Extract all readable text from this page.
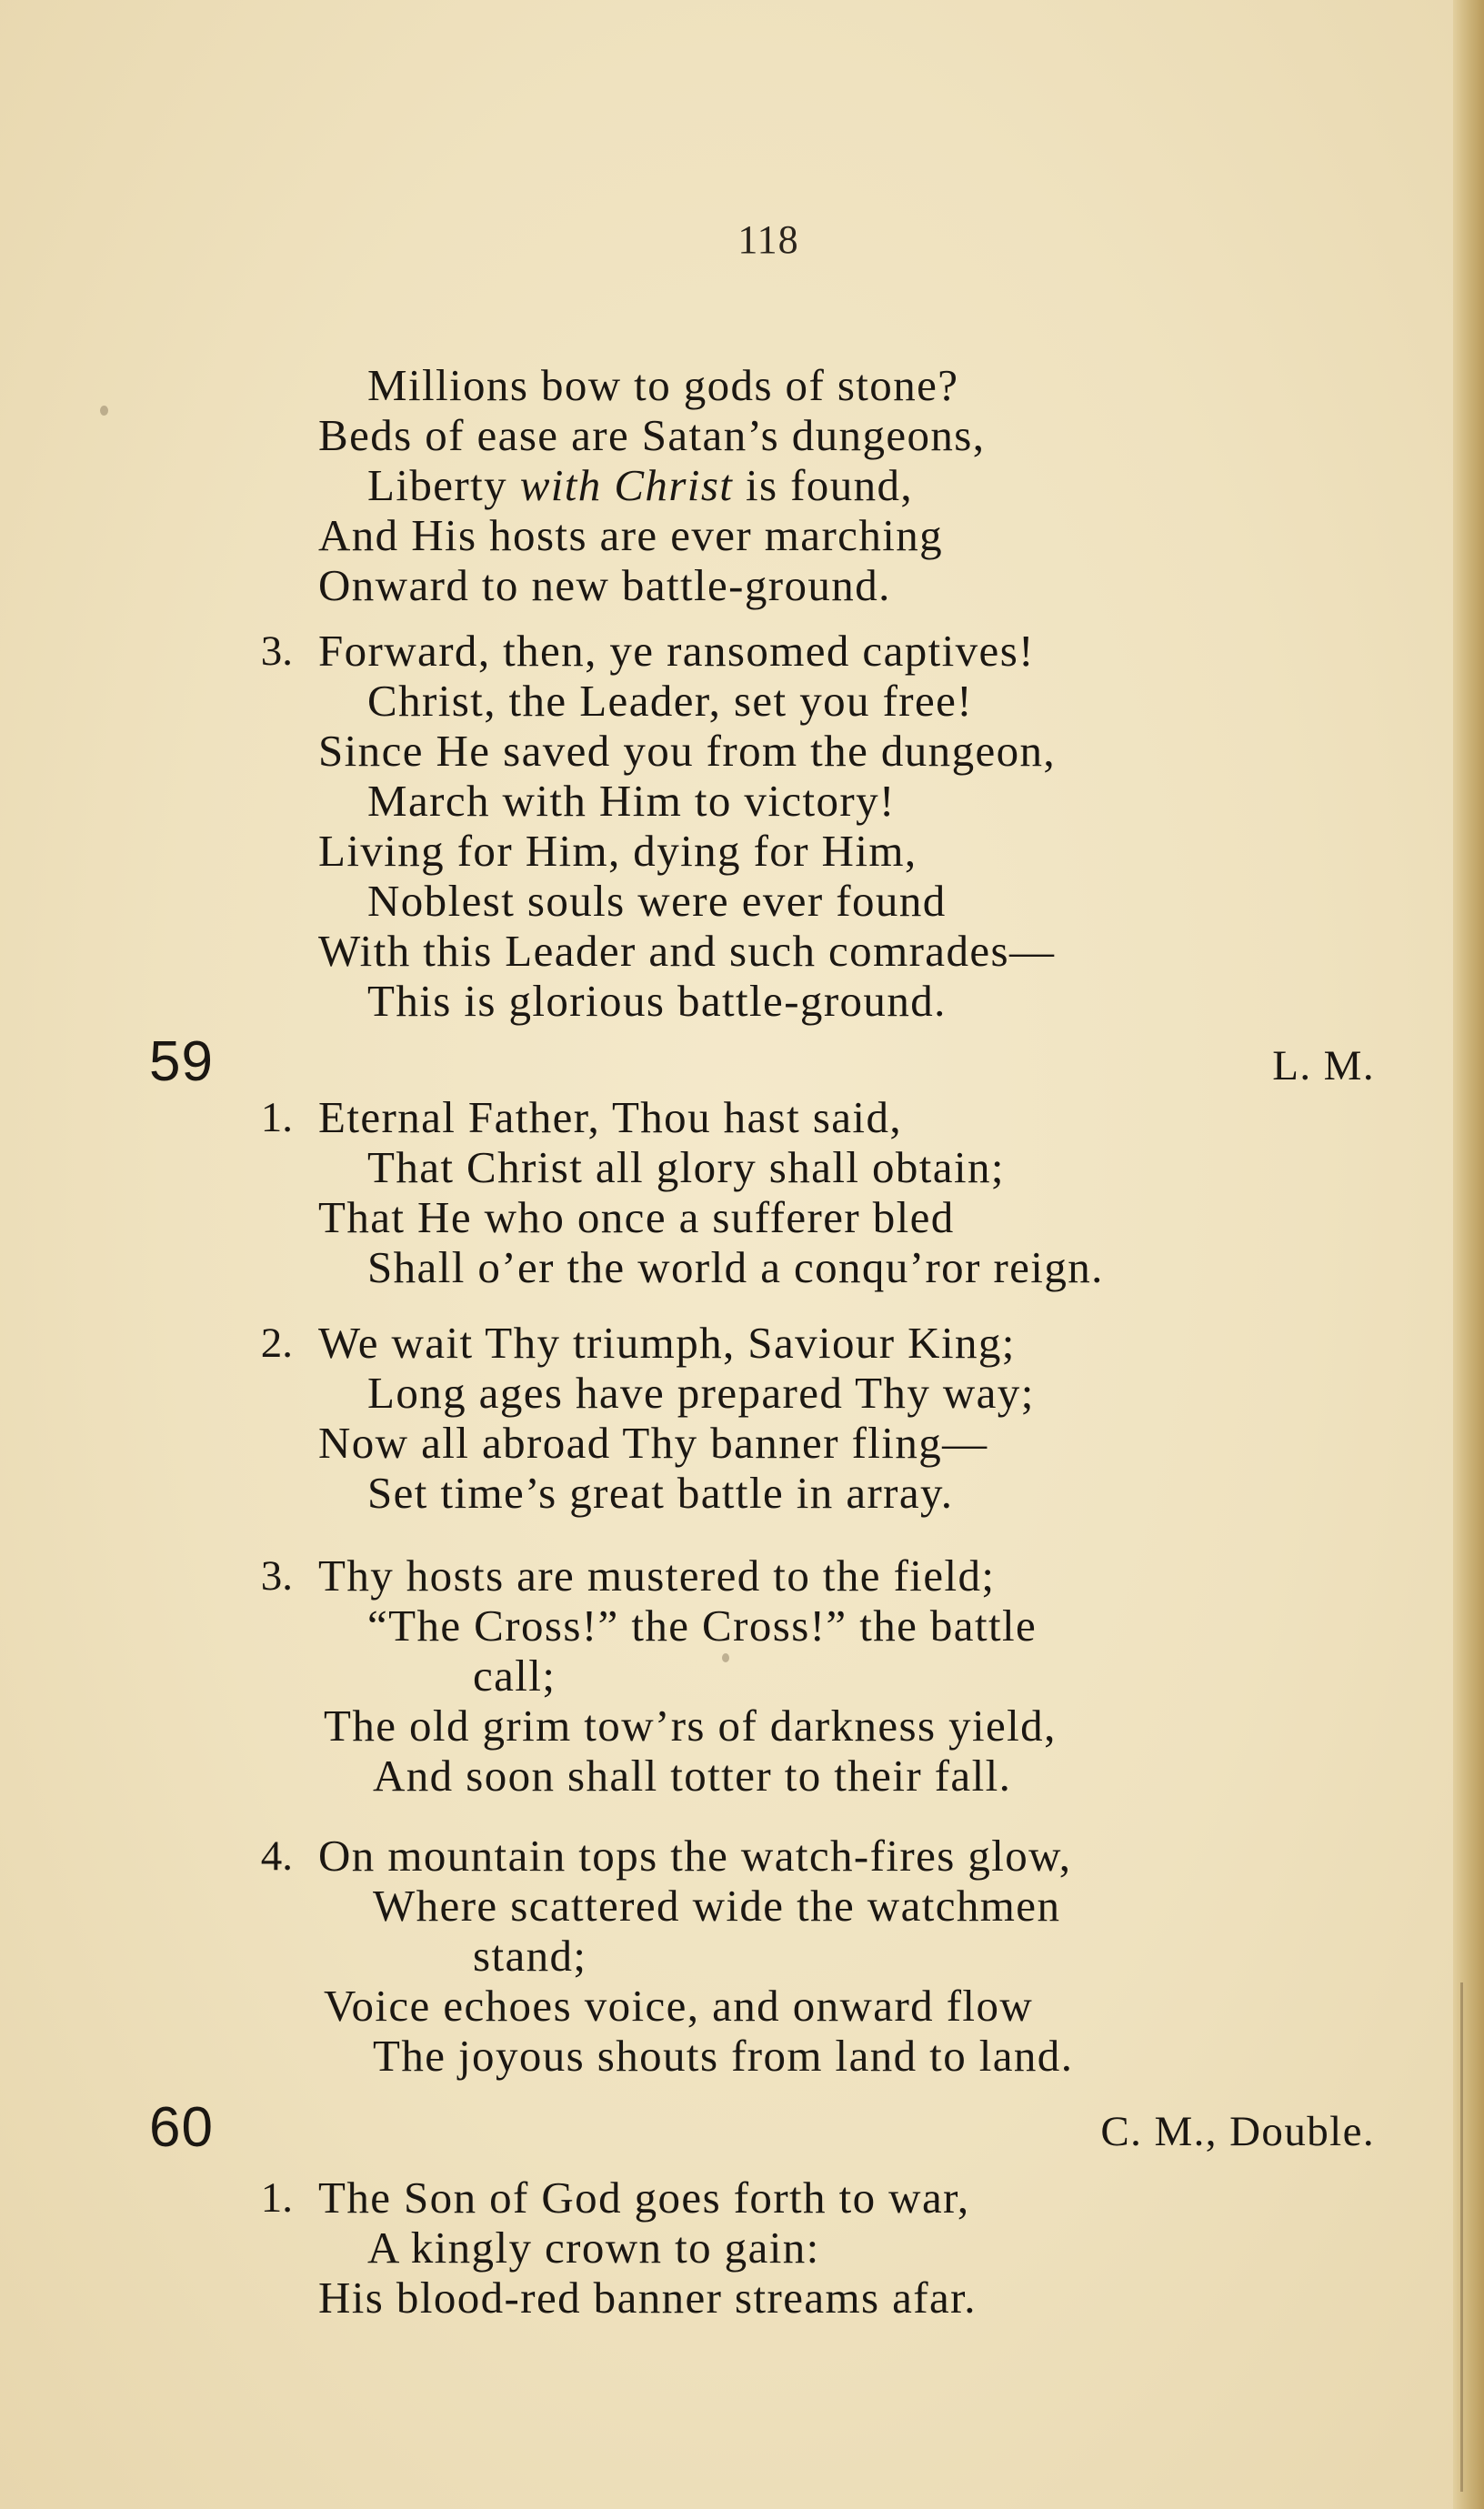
118
Millions bow to gods of stone?
Beds of ease are Satan’s dungeons,
Liberty with Christ is found,
And His hosts are ever marching
Onward to new battle-ground.
3. Forward, then, ye ransomed captives!
Christ, the Leader, set you free!
Since He saved you from the dungeon,
March with Him to victory!
Living for Him, dying for Him,
Noblest souls were ever found
With this Leader and such comrades—
This is glorious battle-ground.
59	L. M.
1. Eternal Father, Thou hast said,
That Christ all glory shall obtain;
That He who once a sufferer bled
Shall o’er the world a conqu’ror reign.
2. We wait Thy triumph, Saviour King;
Long ages have prepared Thy way;
Now all abroad Thy banner fling—
Set time’s great battle in array.
3. Thy hosts are mustered to the field;
“The Cross!” the Cross!” the battle
call;
The old grim tow’rs of darkness yield,
And soon shall totter to their fall.
4. On mountain tops the watch-fires glow,
Where scattered wide the watchmen
stand;
Voice echoes voice, and onward flow
The joyous shouts from land to land.
60	C. M., Double.
1. The Son of God goes forth to war,
A kingly crown to gain:
His blood-red banner streams afar.
